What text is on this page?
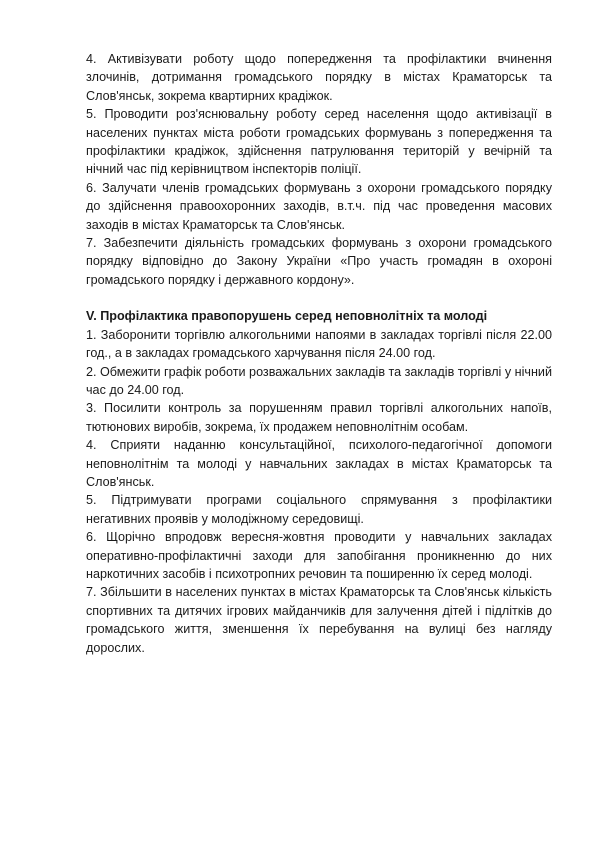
4. Активізувати роботу щодо попередження та профілактики вчинення злочинів, дотримання громадського порядку в містах Краматорськ та Слов'янськ, зокрема квартирних крадіжок.

5. Проводити роз'яснювальну роботу серед населення щодо активізації в населених пунктах міста роботи громадських формувань з попередження та профілактики крадіжок, здійснення патрулювання територій у вечірній та нічний час під керівництвом інспекторів поліції.

6. Залучати членів громадських формувань з охорони громадського порядку до здійснення правоохоронних заходів, в.т.ч. під час проведення масових заходів в містах Краматорськ та Слов'янськ.

7. Забезпечити діяльність громадських формувань з охорони громадського порядку відповідно до Закону України «Про участь громадян в охороні громадського порядку і державного кордону».

V. Профілактика правопорушень серед неповнолітніх та молоді

1. Заборонити торгівлю алкогольними напоями в закладах торгівлі після 22.00 год., а в закладах громадського харчування після 24.00 год.

2. Обмежити графік роботи розважальних закладів та закладів торгівлі у нічний час до 24.00 год.

3. Посилити контроль за порушенням правил торгівлі алкогольних напоїв, тютюнових виробів, зокрема, їх продажем неповнолітнім особам.

4. Сприяти наданню консультаційної, психолого-педагогічної допомоги неповнолітнім та молоді у навчальних закладах в містах Краматорськ та Слов'янськ.

5. Підтримувати програми соціального спрямування з профілактики негативних проявів у молодіжному середовищі.

6. Щорічно впродовж вересня-жовтня проводити у навчальних закладах оперативно-профілактичні заходи для запобігання проникненню до них наркотичних засобів і психотропних речовин та поширенню їх серед молоді.

7. Збільшити в населених пунктах в містах Краматорськ та Слов'янськ кількість спортивних та дитячих ігрових майданчиків для залучення дітей і підлітків до громадського життя, зменшення їх перебування на вулиці без нагляду дорослих.
